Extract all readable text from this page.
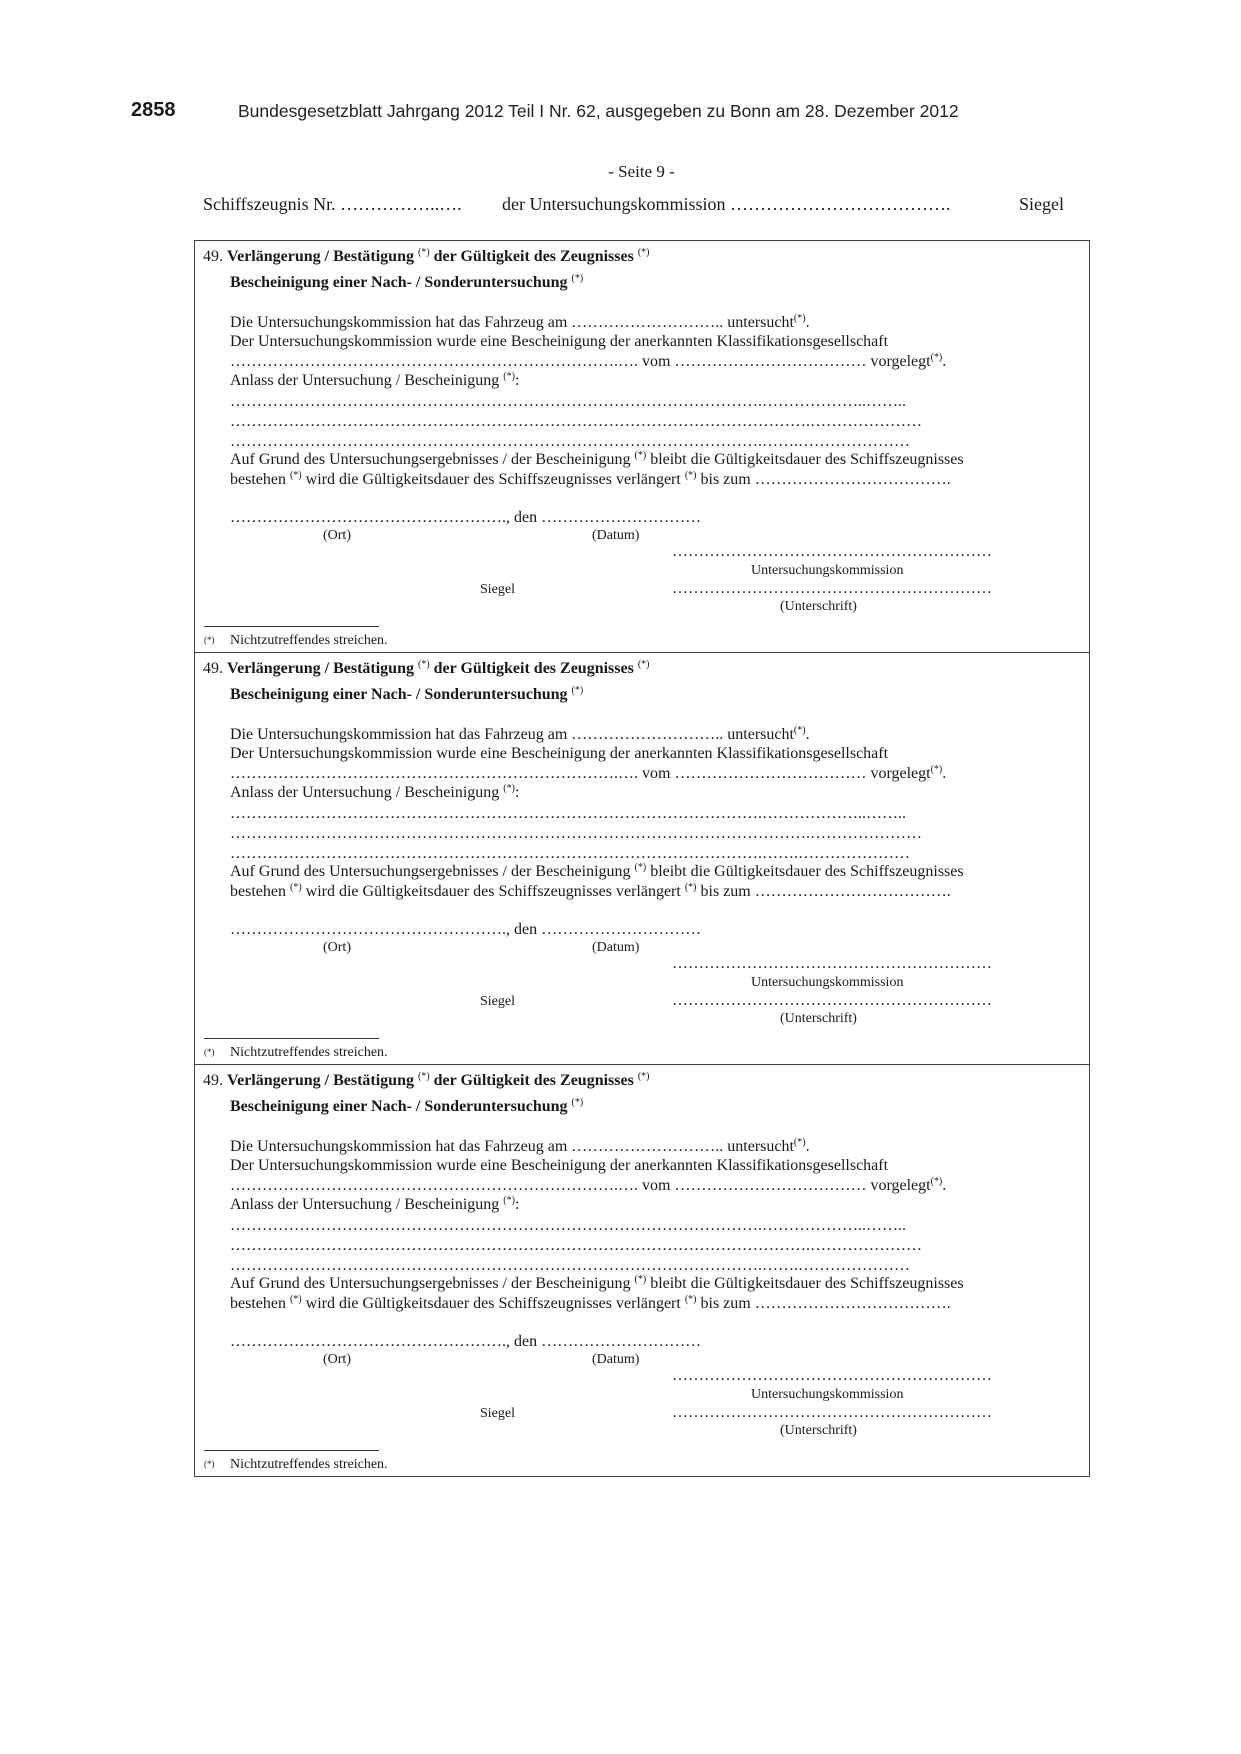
2858	Bundesgesetzblatt Jahrgang 2012 Teil I Nr. 62, ausgegeben zu Bonn am 28. Dezember 2012
- Seite 9 -
Schiffszeugnis Nr. ……………..…. der Untersuchungskommission ……………………………….	Siegel
49. Verlängerung / Bestätigung (*) der Gültigkeit des Zeugnisses (*)
Bescheinigung einer Nach- / Sonderuntersuchung (*)
Die Untersuchungskommission hat das Fahrzeug am ……………………….. untersucht(*).
Der Untersuchungskommission wurde eine Bescheinigung der anerkannten Klassifikationsgesellschaft
……………………………………………………………….…. vom ……………………………… vorgelegt(*).
Anlass der Untersuchung / Bescheinigung (*):
……………………………………………………………………………………….………………..……..
……………………………………………………………………………………………….…………………
……………………………………………………………………………………….…….…………………
Auf Grund des Untersuchungsergebnisses / der Bescheinigung (*) bleibt die Gültigkeitsdauer des Schiffszeugnisses
bestehen (*) wird die Gültigkeitsdauer des Schiffszeugnisses verlängert (*) bis zum ……………………………….
……………………………………………., den …………………………
(Ort)	(Datum)
……………………………………………………
Untersuchungskommission
Siegel	……………………………………………………
(Unterschrift)
(*) Nichtzutreffendes streichen.
49. Verlängerung / Bestätigung (*) der Gültigkeit des Zeugnisses (*)
Bescheinigung einer Nach- / Sonderuntersuchung (*)
Die Untersuchungskommission hat das Fahrzeug am ……………………….. untersucht(*).
Der Untersuchungskommission wurde eine Bescheinigung der anerkannten Klassifikationsgesellschaft
……………………………………………………………….…. vom ……………………………… vorgelegt(*).
Anlass der Untersuchung / Bescheinigung (*):
……………………………………………………………………………………….………………..……..
……………………………………………………………………………………………….…………………
……………………………………………………………………………………….…….…………………
Auf Grund des Untersuchungsergebnisses / der Bescheinigung (*) bleibt die Gültigkeitsdauer des Schiffszeugnisses
bestehen (*) wird die Gültigkeitsdauer des Schiffszeugnisses verlängert (*) bis zum ……………………………….
……………………………………………., den …………………………
(Ort)	(Datum)
……………………………………………………
Untersuchungskommission
Siegel	……………………………………………………
(Unterschrift)
(*) Nichtzutreffendes streichen.
49. Verlängerung / Bestätigung (*) der Gültigkeit des Zeugnisses (*)
Bescheinigung einer Nach- / Sonderuntersuchung (*)
Die Untersuchungskommission hat das Fahrzeug am ……………………….. untersucht(*).
Der Untersuchungskommission wurde eine Bescheinigung der anerkannten Klassifikationsgesellschaft
……………………………………………………………….…. vom ……………………………… vorgelegt(*).
Anlass der Untersuchung / Bescheinigung (*):
……………………………………………………………………………………….………………..……..
……………………………………………………………………………………………….…………………
……………………………………………………………………………………….…….…………………
Auf Grund des Untersuchungsergebnisses / der Bescheinigung (*) bleibt die Gültigkeitsdauer des Schiffszeugnisses
bestehen (*) wird die Gültigkeitsdauer des Schiffszeugnisses verlängert (*) bis zum ……………………………….
……………………………………………., den …………………………
(Ort)	(Datum)
……………………………………………………
Untersuchungskommission
Siegel	……………………………………………………
(Unterschrift)
(*) Nichtzutreffendes streichen.
